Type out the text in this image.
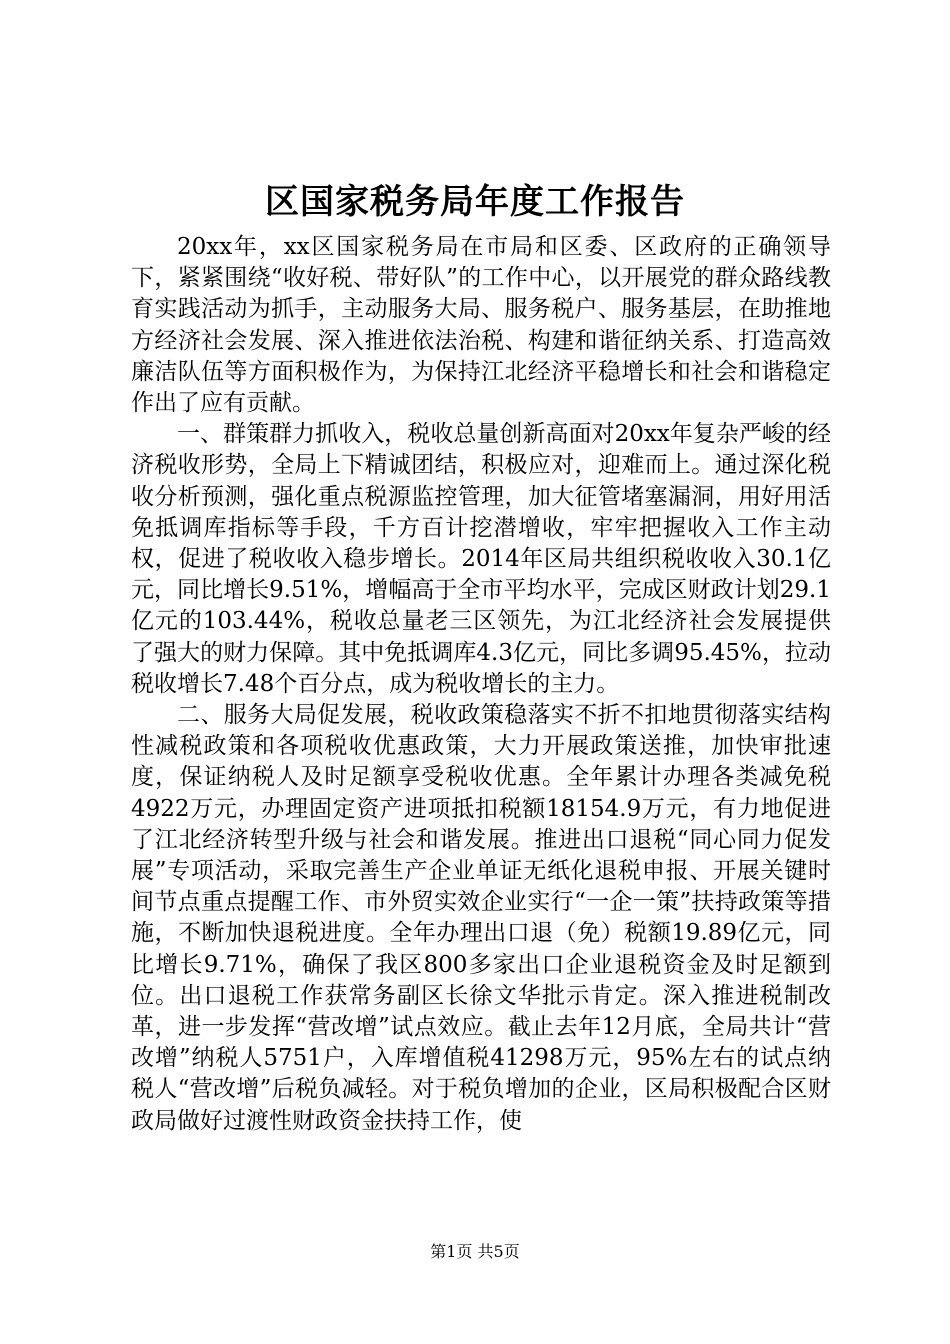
区国家税务局年度工作报告

20xx年，xx区国家税务局在市局和区委、区政府的正确领导下，紧紧围绕“收好税、带好队”的工作中心，以开展党的群众路线教育实践活动为抓手，主动服务大局、服务税户、服务基层，在助推地方经济社会发展、深入推进依法治税、构建和谐征纳关系、打造高效廉洁队伍等方面积极作为，为保持江北经济平稳增长和社会和谐稳定作出了应有贡献。

一、群策群力抓收入，税收总量创新高面对20xx年复杂严峻的经济税收形势，全局上下精诚团结，积极应对，迎难而上。通过深化税收分析预测，强化重点税源监控管理，加大征管堵塞漏洞，用好用活免抵调库指标等手段，千方百计挖潜增收，牢牢把握收入工作主动权，促进了税收收入稳步增长。2014年区局共组织税收收入30.1亿元，同比增长9.51%，增幅高于全市平均水平，完成区财政计划29.1亿元的103.44%，税收总量老三区领先，为江北经济社会发展提供了强大的财力保障。其中免抵调库4.3亿元，同比多调95.45%，拉动税收增长7.48个百分点，成为税收增长的主力。

二、服务大局促发展，税收政策稳落实不折不扣地贯彻落实结构性减税政策和各项税收优惠政策，大力开展政策送推，加快审批速度，保证纳税人及时足额享受税收优惠。全年累计办理各类减免税4922万元，办理固定资产进项抵扣税额18154.9万元，有力地促进了江北经济转型升级与社会和谐发展。推进出口退税“同心同力促发展”专项活动，采取完善生产企业单证无纸化退税申报、开展关键时间节点重点提醒工作、市外贸实效企业实行“一企一策”扶持政策等措施，不断加快退税进度。全年办理出口退（免）税额19.89亿元，同比增长9.71%，确保了我区800多家出口企业退税资金及时足额到位。出口退税工作获常务副区长徐文华批示肯定。深入推进税制改革，进一步发挥“营改增”试点效应。截止去年12月底，全局共计“营改增”纳税人5751户，入库增值税41298万元，95%左右的试点纳税人“营改增”后税负减轻。对于税负增加的企业，区局积极配合区财政局做好过渡性财政资金扶持工作，使

第1页 共5页
